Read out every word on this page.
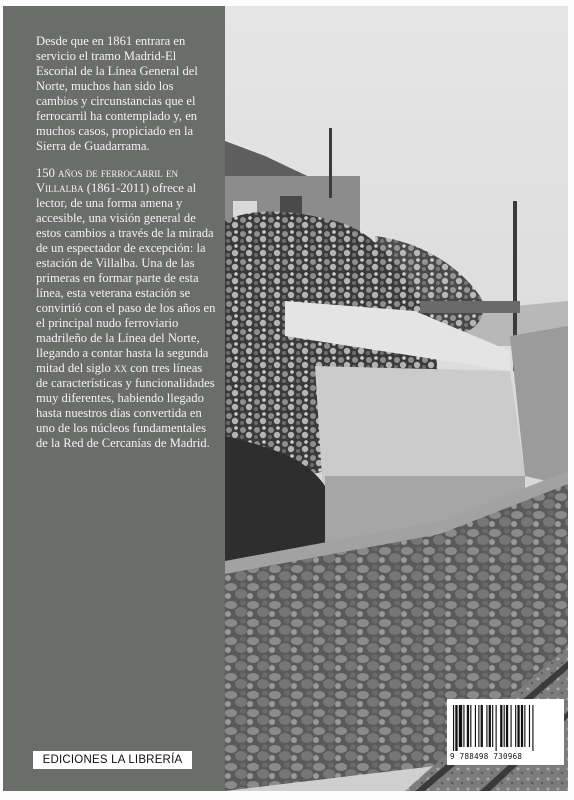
Desde que en 1861 entrara en servicio el tramo Madrid-El Escorial de la Línea General del Norte, muchos han sido los cambios y circunstancias que el ferrocarril ha contemplado y, en muchos casos, propiciado en la Sierra de Guadarrama.

150 años de ferrocarril en Villalba (1861-2011) ofrece al lector, de una forma amena y accesible, una visión general de estos cambios a través de la mirada de un espectador de excepción: la estación de Villalba. Una de las primeras en formar parte de esta línea, esta veterana estación se convirtió con el paso de los años en el principal nudo ferroviario madrileño de la Línea del Norte, llegando a contar hasta la segunda mitad del siglo xx con tres líneas de características y funcionalidades muy diferentes, habiendo llegado hasta nuestros días convertida en uno de los núcleos fundamentales de la Red de Cercanías de Madrid.

EDICIONES LA LIBRERÍA	9 788498 730968
